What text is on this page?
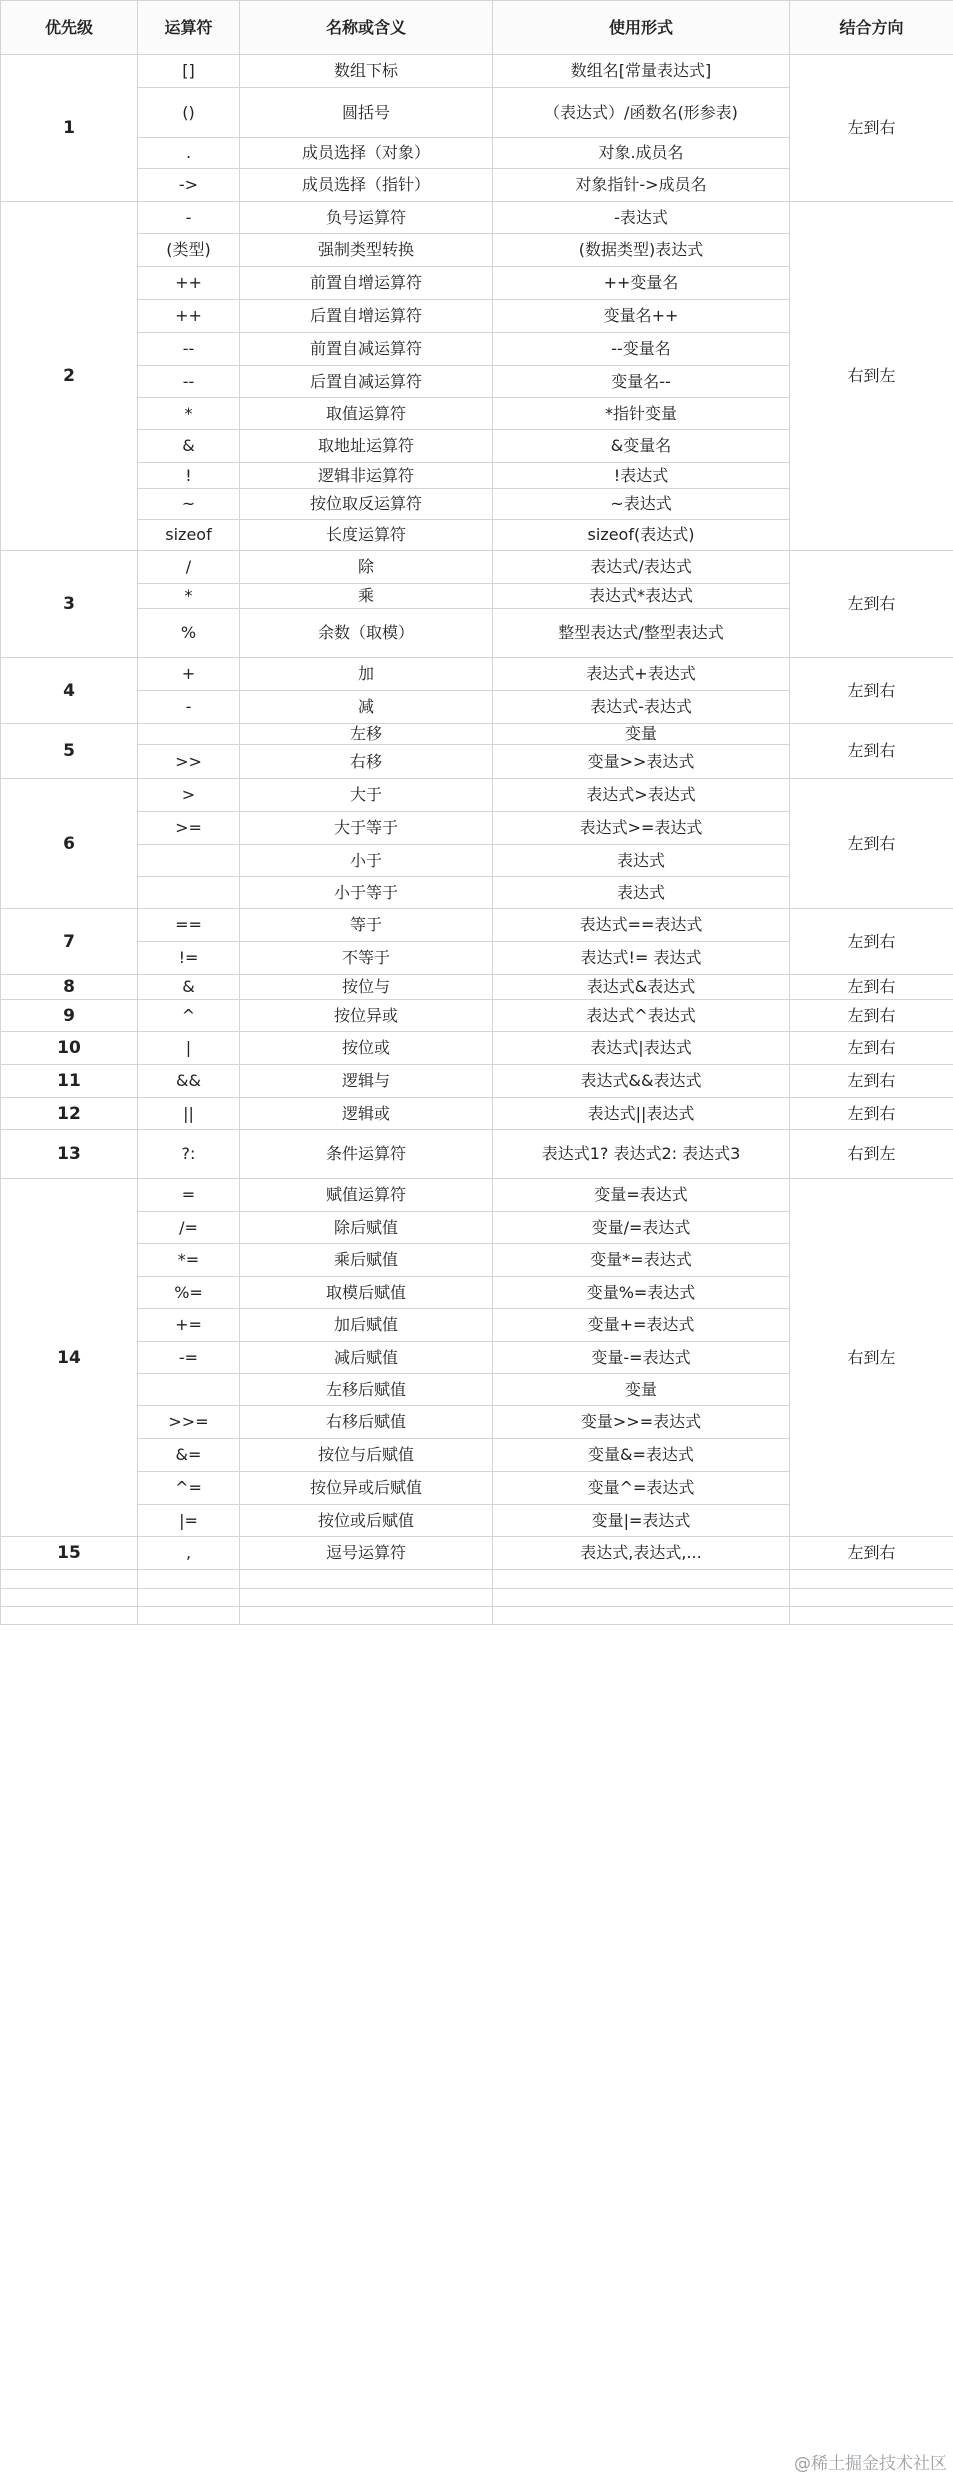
优先级	运算符	名称或含义	使用形式	结合方向
1	[]	数组下标	数组名[常量表达式]	左到右
	()	圆括号	（表达式）/函数名(形参表)	
	.	成员选择（对象）	对象.成员名	
	->	成员选择（指针）	对象指针->成员名	
2	-	负号运算符	-表达式	右到左
	(类型)	强制类型转换	(数据类型)表达式	
	++	前置自增运算符	++变量名	
	++	后置自增运算符	变量名++	
	--	前置自减运算符	--变量名	
	--	后置自减运算符	变量名--	
	*	取值运算符	*指针变量	
	&	取地址运算符	&变量名	
	!	逻辑非运算符	!表达式	
	~	按位取反运算符	~表达式	
	sizeof	长度运算符	sizeof(表达式)	
3	/	除	表达式/表达式	左到右
	*	乘	表达式*表达式	
	%	余数（取模）	整型表达式/整型表达式	
4	+	加	表达式+表达式	左到右
	-	减	表达式-表达式	
5		左移	变量	左到右
	>>	右移	变量>>表达式	
6	>	大于	表达式>表达式	左到右
	>=	大于等于	表达式>=表达式	
		小于	表达式	
		小于等于	表达式	
7	==	等于	表达式==表达式	左到右
	!=	不等于	表达式!= 表达式	
8	&	按位与	表达式&表达式	左到右
9	^	按位异或	表达式^表达式	左到右
10	|	按位或	表达式|表达式	左到右
11	&&	逻辑与	表达式&&表达式	左到右
12	||	逻辑或	表达式||表达式	左到右
13	?:	条件运算符	表达式1? 表达式2: 表达式3	右到左
14	=	赋值运算符	变量=表达式	右到左
	/=	除后赋值	变量/=表达式	
	*=	乘后赋值	变量*=表达式	
	%=	取模后赋值	变量%=表达式	
	+=	加后赋值	变量+=表达式	
	-=	减后赋值	变量-=表达式	
		左移后赋值	变量	
	>>=	右移后赋值	变量>>=表达式	
	&=	按位与后赋值	变量&=表达式	
	^=	按位异或后赋值	变量^=表达式	
	|=	按位或后赋值	变量|=表达式	
15	,	逗号运算符	表达式,表达式,...	左到右

@稀土掘金技术社区
